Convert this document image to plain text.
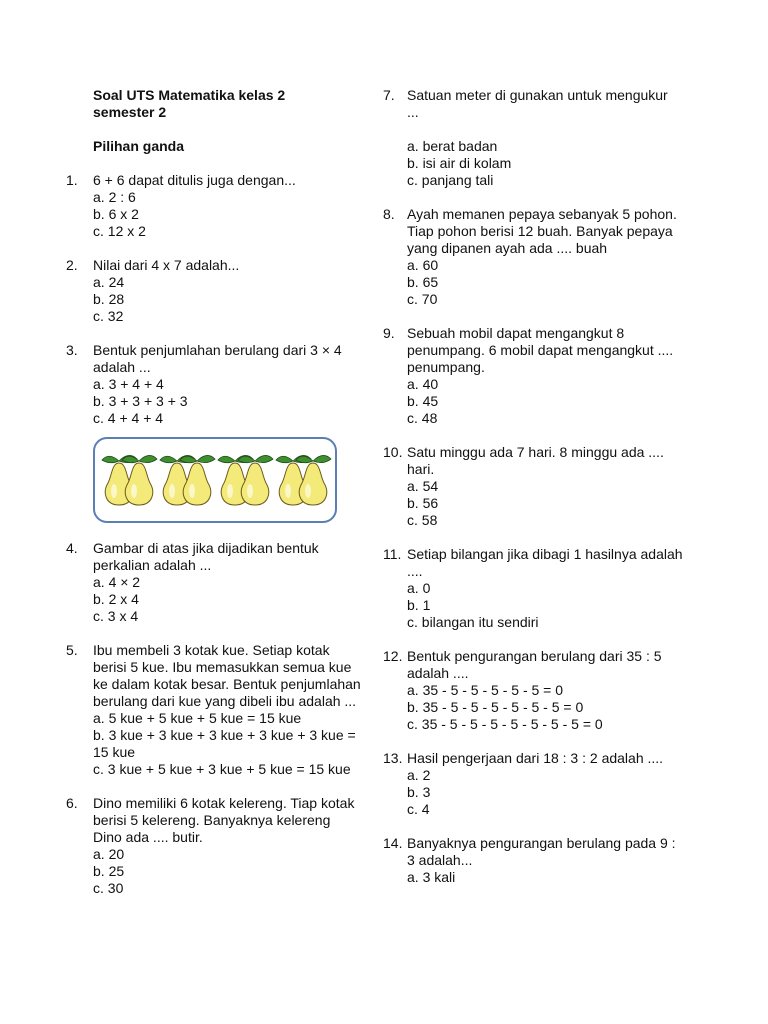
Soal UTS Matematika kelas 2
semester 2
Pilihan ganda
1.	6 + 6 dapat ditulis juga dengan...
a. 2 : 6
b. 6 x 2
c. 12 x 2
2.	Nilai dari 4 x 7 adalah...
a. 24
b. 28
c. 32
3.	Bentuk penjumlahan berulang dari 3 × 4 adalah ...
a. 3 + 4 + 4
b. 3 + 3 + 3 + 3
c. 4 + 4 + 4
4.	Gambar di atas jika dijadikan bentuk perkalian adalah ...
a. 4 × 2
b. 2 x 4
c. 3 x 4
5.	Ibu membeli 3 kotak kue. Setiap kotak berisi 5 kue. Ibu memasukkan semua kue ke dalam kotak besar. Bentuk penjumlahan berulang dari kue yang dibeli ibu adalah ...
a. 5 kue + 5 kue + 5 kue = 15 kue
b. 3 kue + 3 kue + 3 kue + 3 kue + 3 kue = 15 kue
c. 3 kue + 5 kue + 3 kue + 5 kue = 15 kue
6.	Dino memiliki 6 kotak kelereng. Tiap kotak berisi 5 kelereng. Banyaknya kelereng Dino ada .... butir.
a. 20
b. 25
c. 30
7. Satuan meter di gunakan untuk mengukur ...
a. berat badan
b. isi air di kolam
c. panjang tali
8. Ayah memanen pepaya sebanyak 5 pohon. Tiap pohon berisi 12 buah. Banyak pepaya yang dipanen ayah ada .... buah
a. 60
b. 65
c. 70
9. Sebuah mobil dapat mengangkut 8 penumpang. 6 mobil dapat mengangkut .... penumpang.
a. 40
b. 45
c. 48
10. Satu minggu ada 7 hari. 8 minggu ada .... hari.
a. 54
b. 56
c. 58
11. Setiap bilangan jika dibagi 1 hasilnya adalah ....
a. 0
b. 1
c. bilangan itu sendiri
12. Bentuk pengurangan berulang dari 35 : 5 adalah ....
a. 35 - 5 - 5 - 5 - 5 - 5 = 0
b. 35 - 5 - 5 - 5 - 5 - 5 - 5 = 0
c. 35 - 5 - 5 - 5 - 5 - 5 - 5 - 5 = 0
13. Hasil pengerjaan dari 18 : 3 : 2 adalah ....
a. 2
b. 3
c. 4
14. Banyaknya pengurangan berulang pada 9 : 3 adalah...
a. 3 kali
